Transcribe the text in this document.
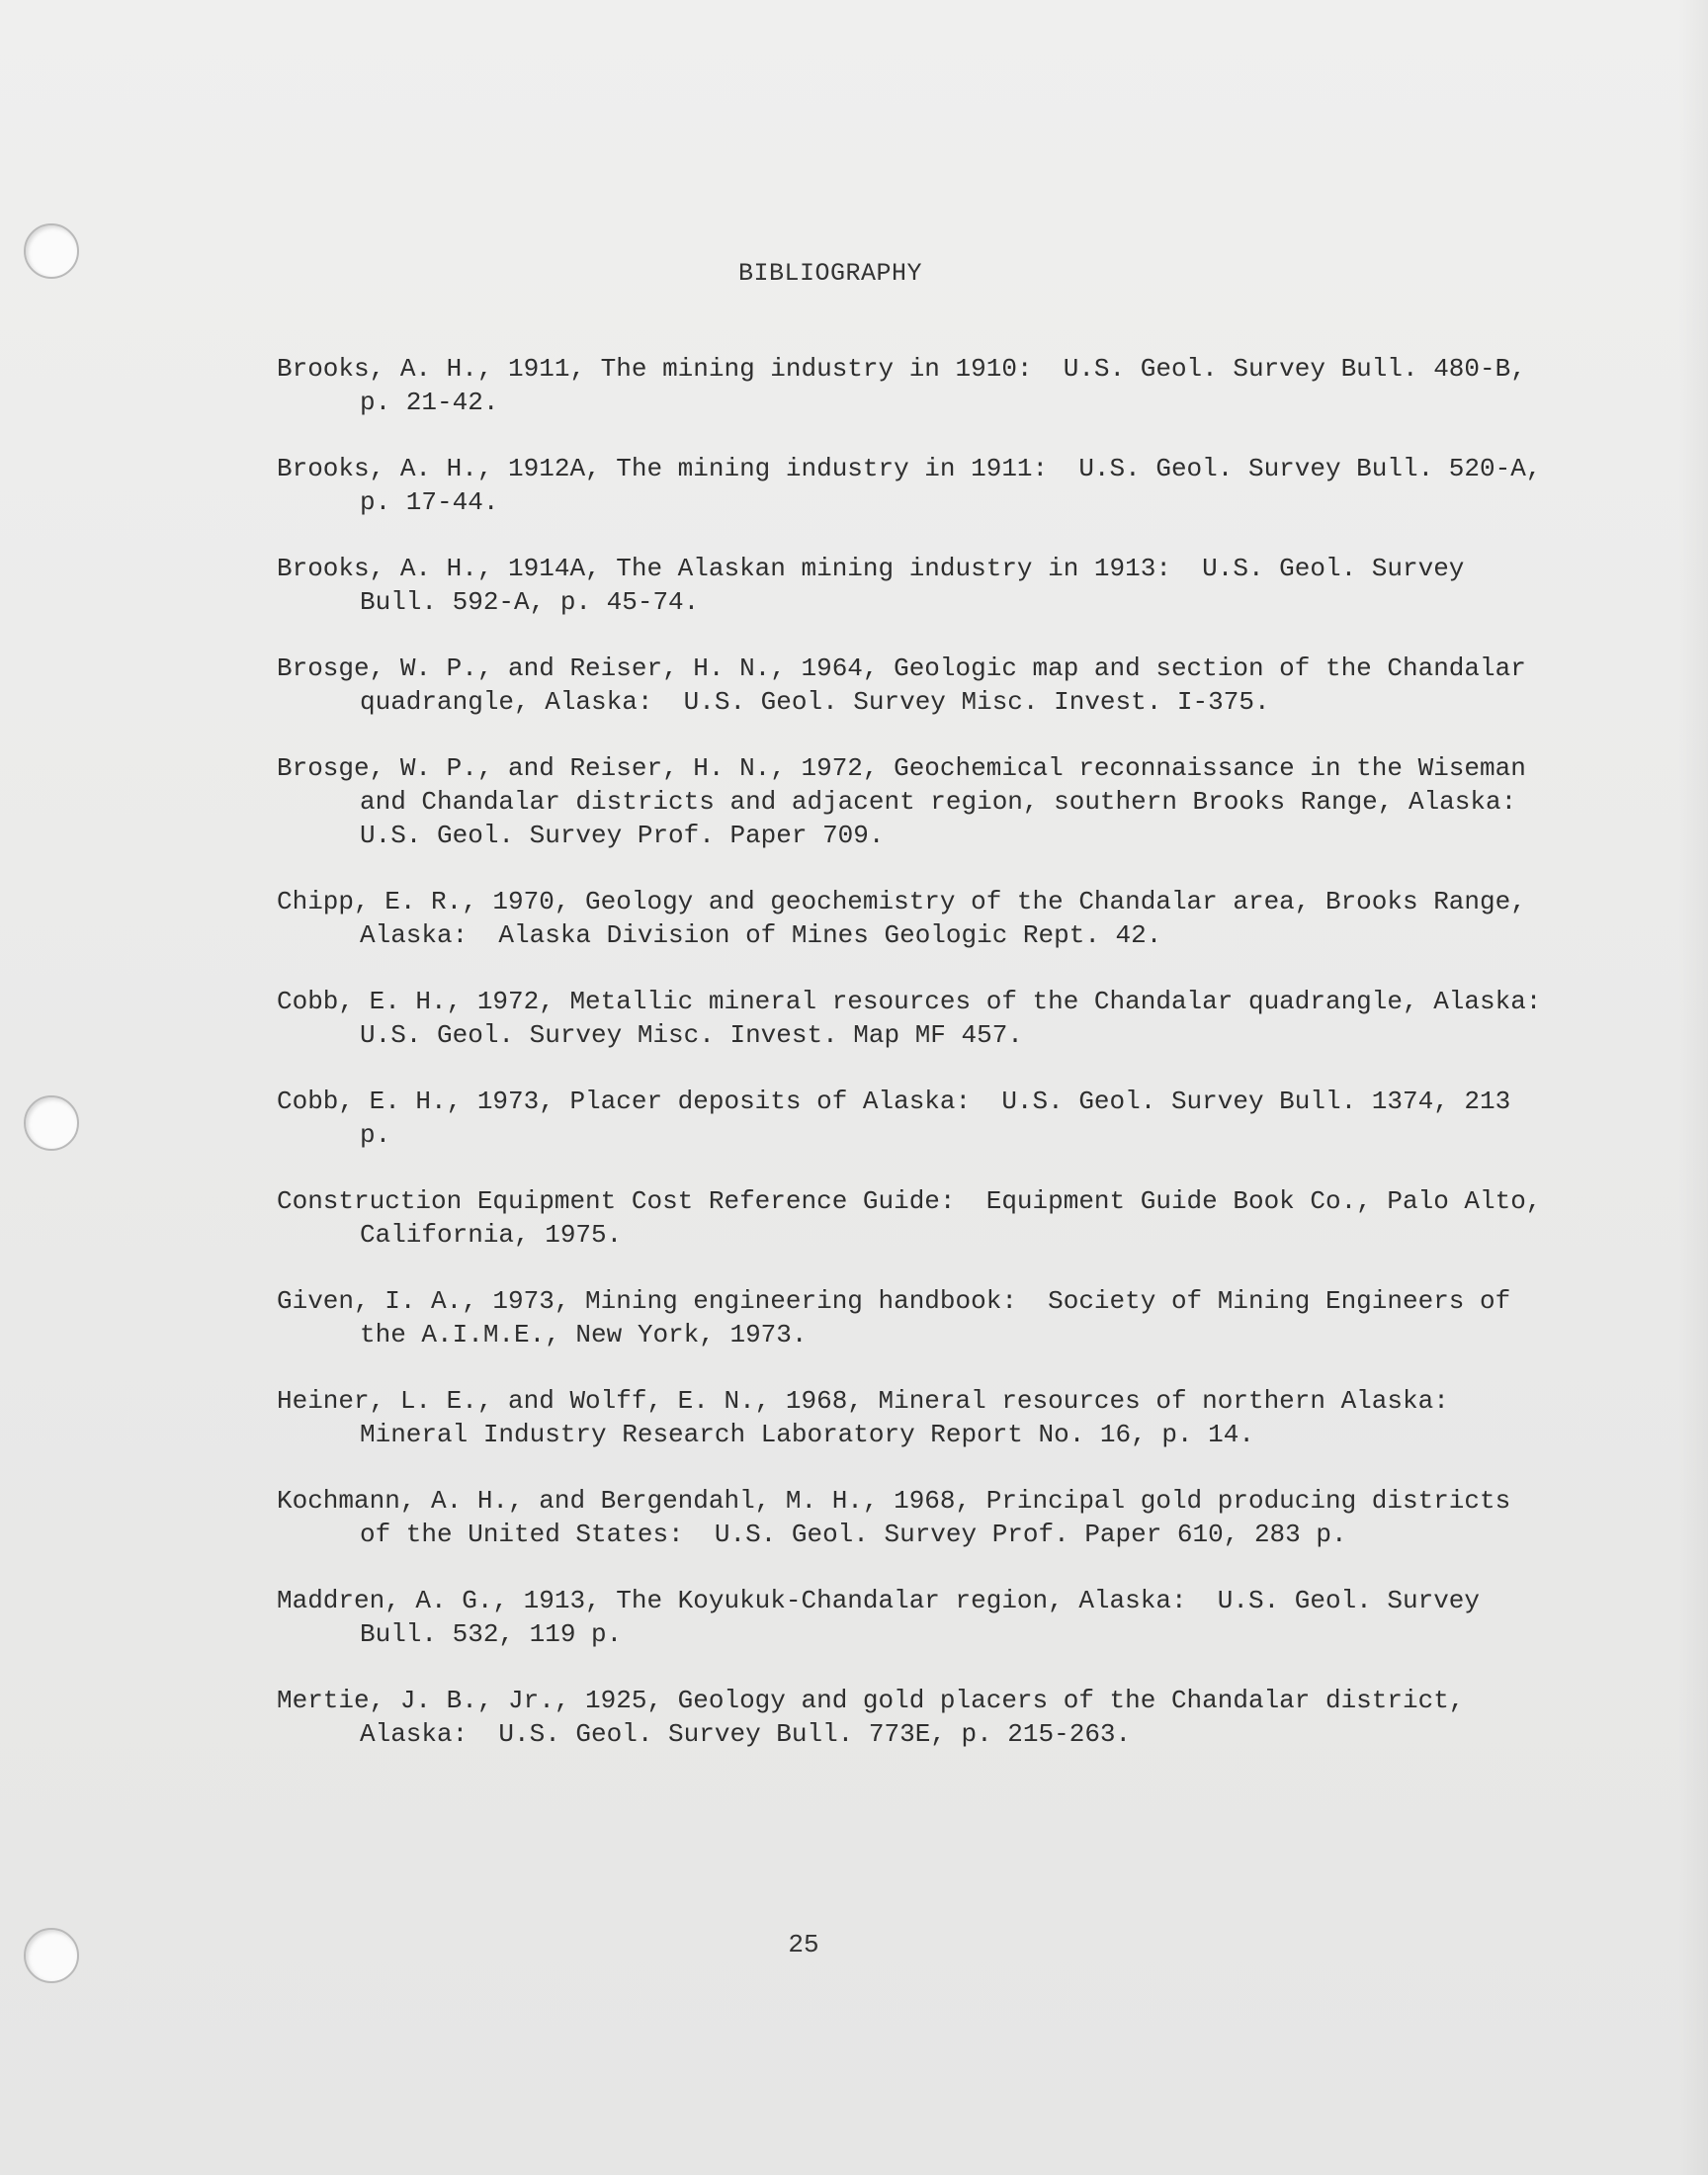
BIBLIOGRAPHY
Brooks, A. H., 1911, The mining industry in 1910:  U.S. Geol. Survey Bull. 480-B, p. 21-42.
Brooks, A. H., 1912A, The mining industry in 1911:  U.S. Geol. Survey Bull. 520-A, p. 17-44.
Brooks, A. H., 1914A, The Alaskan mining industry in 1913:  U.S. Geol. Survey Bull. 592-A, p. 45-74.
Brosge, W. P., and Reiser, H. N., 1964, Geologic map and section of the Chandalar quadrangle, Alaska:  U.S. Geol. Survey Misc. Invest. I-375.
Brosge, W. P., and Reiser, H. N., 1972, Geochemical reconnaissance in the Wiseman and Chandalar districts and adjacent region, southern Brooks Range, Alaska:  U.S. Geol. Survey Prof. Paper 709.
Chipp, E. R., 1970, Geology and geochemistry of the Chandalar area, Brooks Range, Alaska:  Alaska Division of Mines Geologic Rept. 42.
Cobb, E. H., 1972, Metallic mineral resources of the Chandalar quadrangle, Alaska:  U.S. Geol. Survey Misc. Invest. Map MF 457.
Cobb, E. H., 1973, Placer deposits of Alaska:  U.S. Geol. Survey Bull. 1374, 213 p.
Construction Equipment Cost Reference Guide:  Equipment Guide Book Co., Palo Alto, California, 1975.
Given, I. A., 1973, Mining engineering handbook:  Society of Mining Engineers of the A.I.M.E., New York, 1973.
Heiner, L. E., and Wolff, E. N., 1968, Mineral resources of northern Alaska:  Mineral Industry Research Laboratory Report No. 16, p. 14.
Kochmann, A. H., and Bergendahl, M. H., 1968, Principal gold producing districts of the United States:  U.S. Geol. Survey Prof. Paper 610, 283 p.
Maddren, A. G., 1913, The Koyukuk-Chandalar region, Alaska:  U.S. Geol. Survey Bull. 532, 119 p.
Mertie, J. B., Jr., 1925, Geology and gold placers of the Chandalar district, Alaska:  U.S. Geol. Survey Bull. 773E, p. 215-263.
25
